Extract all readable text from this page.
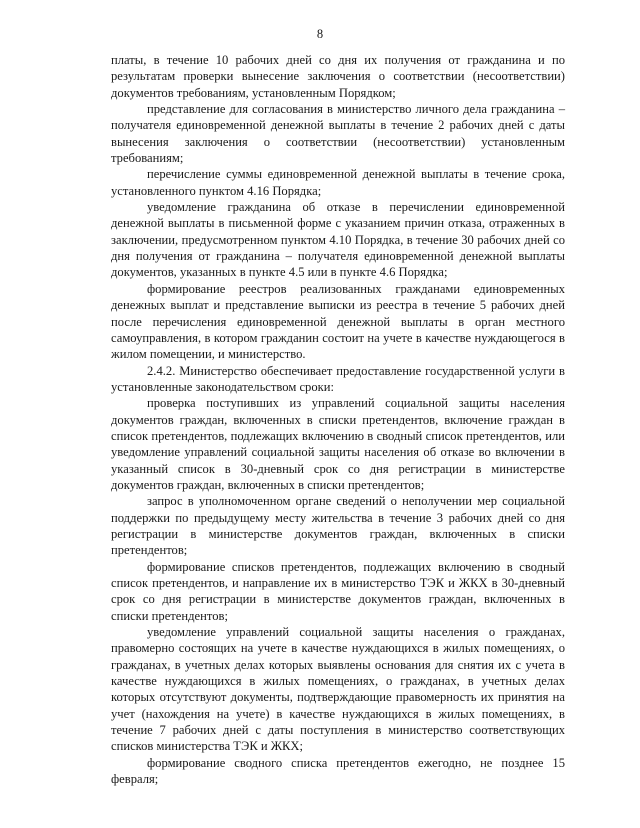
8

платы, в течение 10 рабочих дней со дня их получения от гражданина и по результатам проверки вынесение заключения о соответствии (несоответствии) документов требованиям, установленным Порядком;

представление для согласования в министерство личного дела гражданина – получателя единовременной денежной выплаты в течение 2 рабочих дней с даты вынесения заключения о соответствии (несоответствии) установленным требованиям;

перечисление суммы единовременной денежной выплаты в течение срока, установленного пунктом 4.16 Порядка;

уведомление гражданина об отказе в перечислении единовременной денежной выплаты в письменной форме с указанием причин отказа, отраженных в заключении, предусмотренном пунктом 4.10 Порядка, в течение 30 рабочих дней со дня получения от гражданина – получателя единовременной денежной выплаты документов, указанных в пункте 4.5 или в пункте 4.6 Порядка;

формирование реестров реализованных гражданами единовременных денежных выплат и представление выписки из реестра в течение 5 рабочих дней после перечисления единовременной денежной выплаты в орган местного самоуправления, в котором гражданин состоит на учете в качестве нуждающегося в жилом помещении, и министерство.

2.4.2. Министерство обеспечивает предоставление государственной услуги в установленные законодательством сроки:

проверка поступивших из управлений социальной защиты населения документов граждан, включенных в списки претендентов, включение граждан в список претендентов, подлежащих включению в сводный список претендентов, или уведомление управлений социальной защиты населения об отказе во включении в указанный список в 30-дневный срок со дня регистрации в министерстве документов граждан, включенных в списки претендентов;

запрос в уполномоченном органе сведений о неполучении мер социальной поддержки по предыдущему месту жительства в течение 3 рабочих дней со дня регистрации в министерстве документов граждан, включенных в списки претендентов;

формирование списков претендентов, подлежащих включению в сводный список претендентов, и направление их в министерство ТЭК и ЖКХ в 30-дневный срок со дня регистрации в министерстве документов граждан, включенных в списки претендентов;

уведомление управлений социальной защиты населения о гражданах, правомерно состоящих на учете в качестве нуждающихся в жилых помещениях, о гражданах, в учетных делах которых выявлены основания для снятия их с учета в качестве нуждающихся в жилых помещениях, о гражданах, в учетных делах которых отсутствуют документы, подтверждающие правомерность их принятия на учет (нахождения на учете) в качестве нуждающихся в жилых помещениях, в течение 7 рабочих дней с даты поступления в министерство соответствующих списков министерства ТЭК и ЖКХ;

формирование сводного списка претендентов ежегодно, не позднее 15 февраля;
